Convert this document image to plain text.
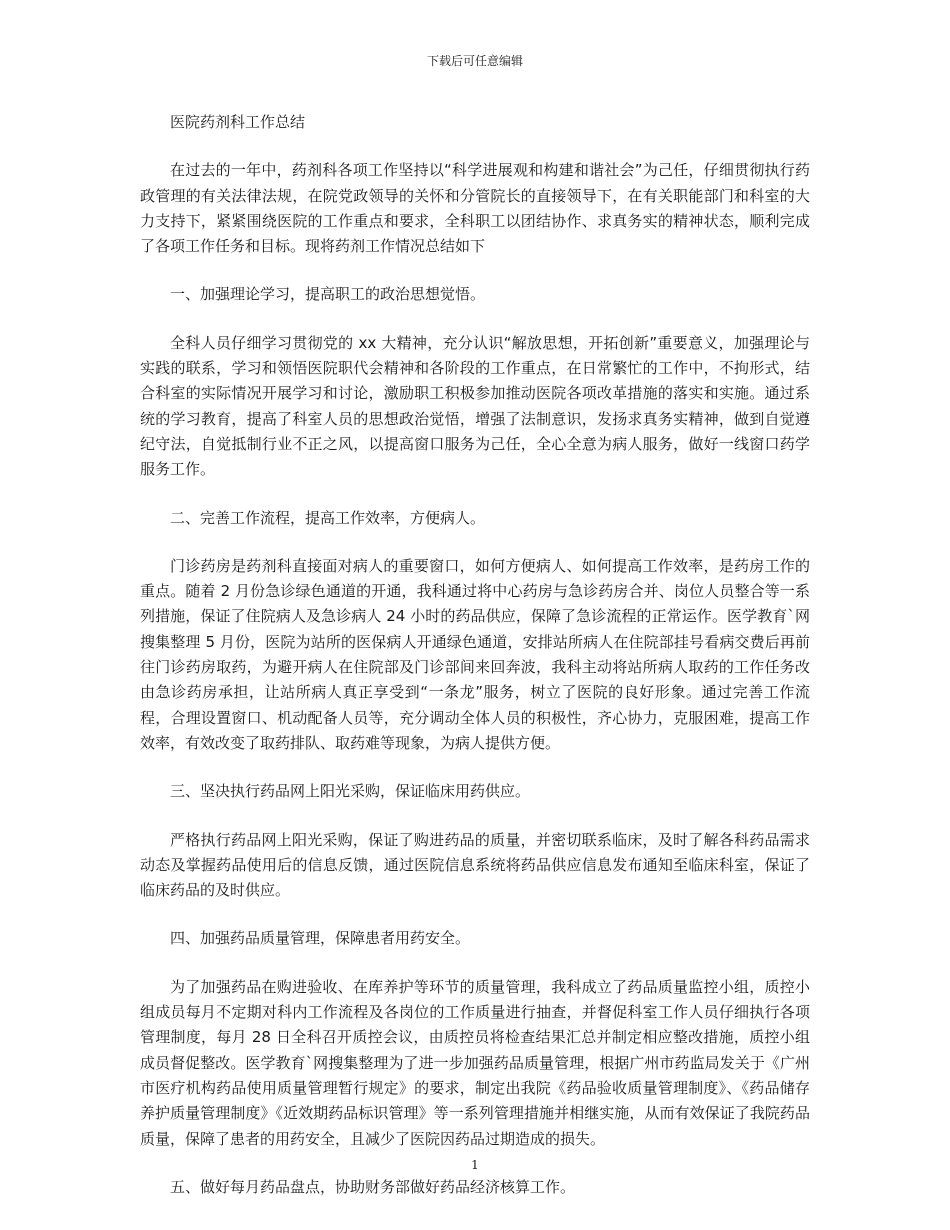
下载后可任意编辑

医院药剂科工作总结

在过去的一年中，药剂科各项工作坚持以“科学进展观和构建和谐社会”为己任，仔细贯彻执行药政管理的有关法律法规，在院党政领导的关怀和分管院长的直接领导下，在有关职能部门和科室的大力支持下，紧紧围绕医院的工作重点和要求，全科职工以团结协作、求真务实的精神状态，顺利完成了各项工作任务和目标。现将药剂工作情况总结如下

一、加强理论学习，提高职工的政治思想觉悟。

全科人员仔细学习贯彻党的 xx 大精神，充分认识“解放思想，开拓创新”重要意义，加强理论与实践的联系，学习和领悟医院职代会精神和各阶段的工作重点，在日常繁忙的工作中，不拘形式，结合科室的实际情况开展学习和讨论，激励职工积极参加推动医院各项改革措施的落实和实施。通过系统的学习教育，提高了科室人员的思想政治觉悟，增强了法制意识，发扬求真务实精神，做到自觉遵纪守法，自觉抵制行业不正之风，以提高窗口服务为己任，全心全意为病人服务，做好一线窗口药学服务工作。

二、完善工作流程，提高工作效率，方便病人。

门诊药房是药剂科直接面对病人的重要窗口，如何方便病人、如何提高工作效率，是药房工作的重点。随着 2 月份急诊绿色通道的开通，我科通过将中心药房与急诊药房合并、岗位人员整合等一系列措施，保证了住院病人及急诊病人 24 小时的药品供应，保障了急诊流程的正常运作。医学教育`网搜集整理 5 月份，医院为站所的医保病人开通绿色通道，安排站所病人在住院部挂号看病交费后再前往门诊药房取药，为避开病人在住院部及门诊部间来回奔波，我科主动将站所病人取药的工作任务改由急诊药房承担，让站所病人真正享受到“一条龙”服务，树立了医院的良好形象。通过完善工作流程，合理设置窗口、机动配备人员等，充分调动全体人员的积极性，齐心协力，克服困难，提高工作效率，有效改变了取药排队、取药难等现象，为病人提供方便。

三、坚决执行药品网上阳光采购，保证临床用药供应。

严格执行药品网上阳光采购，保证了购进药品的质量，并密切联系临床，及时了解各科药品需求动态及掌握药品使用后的信息反馈，通过医院信息系统将药品供应信息发布通知至临床科室，保证了临床药品的及时供应。

四、加强药品质量管理，保障患者用药安全。

为了加强药品在购进验收、在库养护等环节的质量管理，我科成立了药品质量监控小组，质控小组成员每月不定期对科内工作流程及各岗位的工作质量进行抽查，并督促科室工作人员仔细执行各项管理制度，每月 28 日全科召开质控会议，由质控员将检查结果汇总并制定相应整改措施，质控小组成员督促整改。医学教育`网搜集整理为了进一步加强药品质量管理，根据广州市药监局发关于《广州市医疗机构药品使用质量管理暂行规定》的要求，制定出我院《药品验收质量管理制度》、《药品储存养护质量管理制度》《近效期药品标识管理》等一系列管理措施并相继实施，从而有效保证了我院药品质量，保障了患者的用药安全，且减少了医院因药品过期造成的损失。

五、做好每月药品盘点，协助财务部做好药品经济核算工作。

1
